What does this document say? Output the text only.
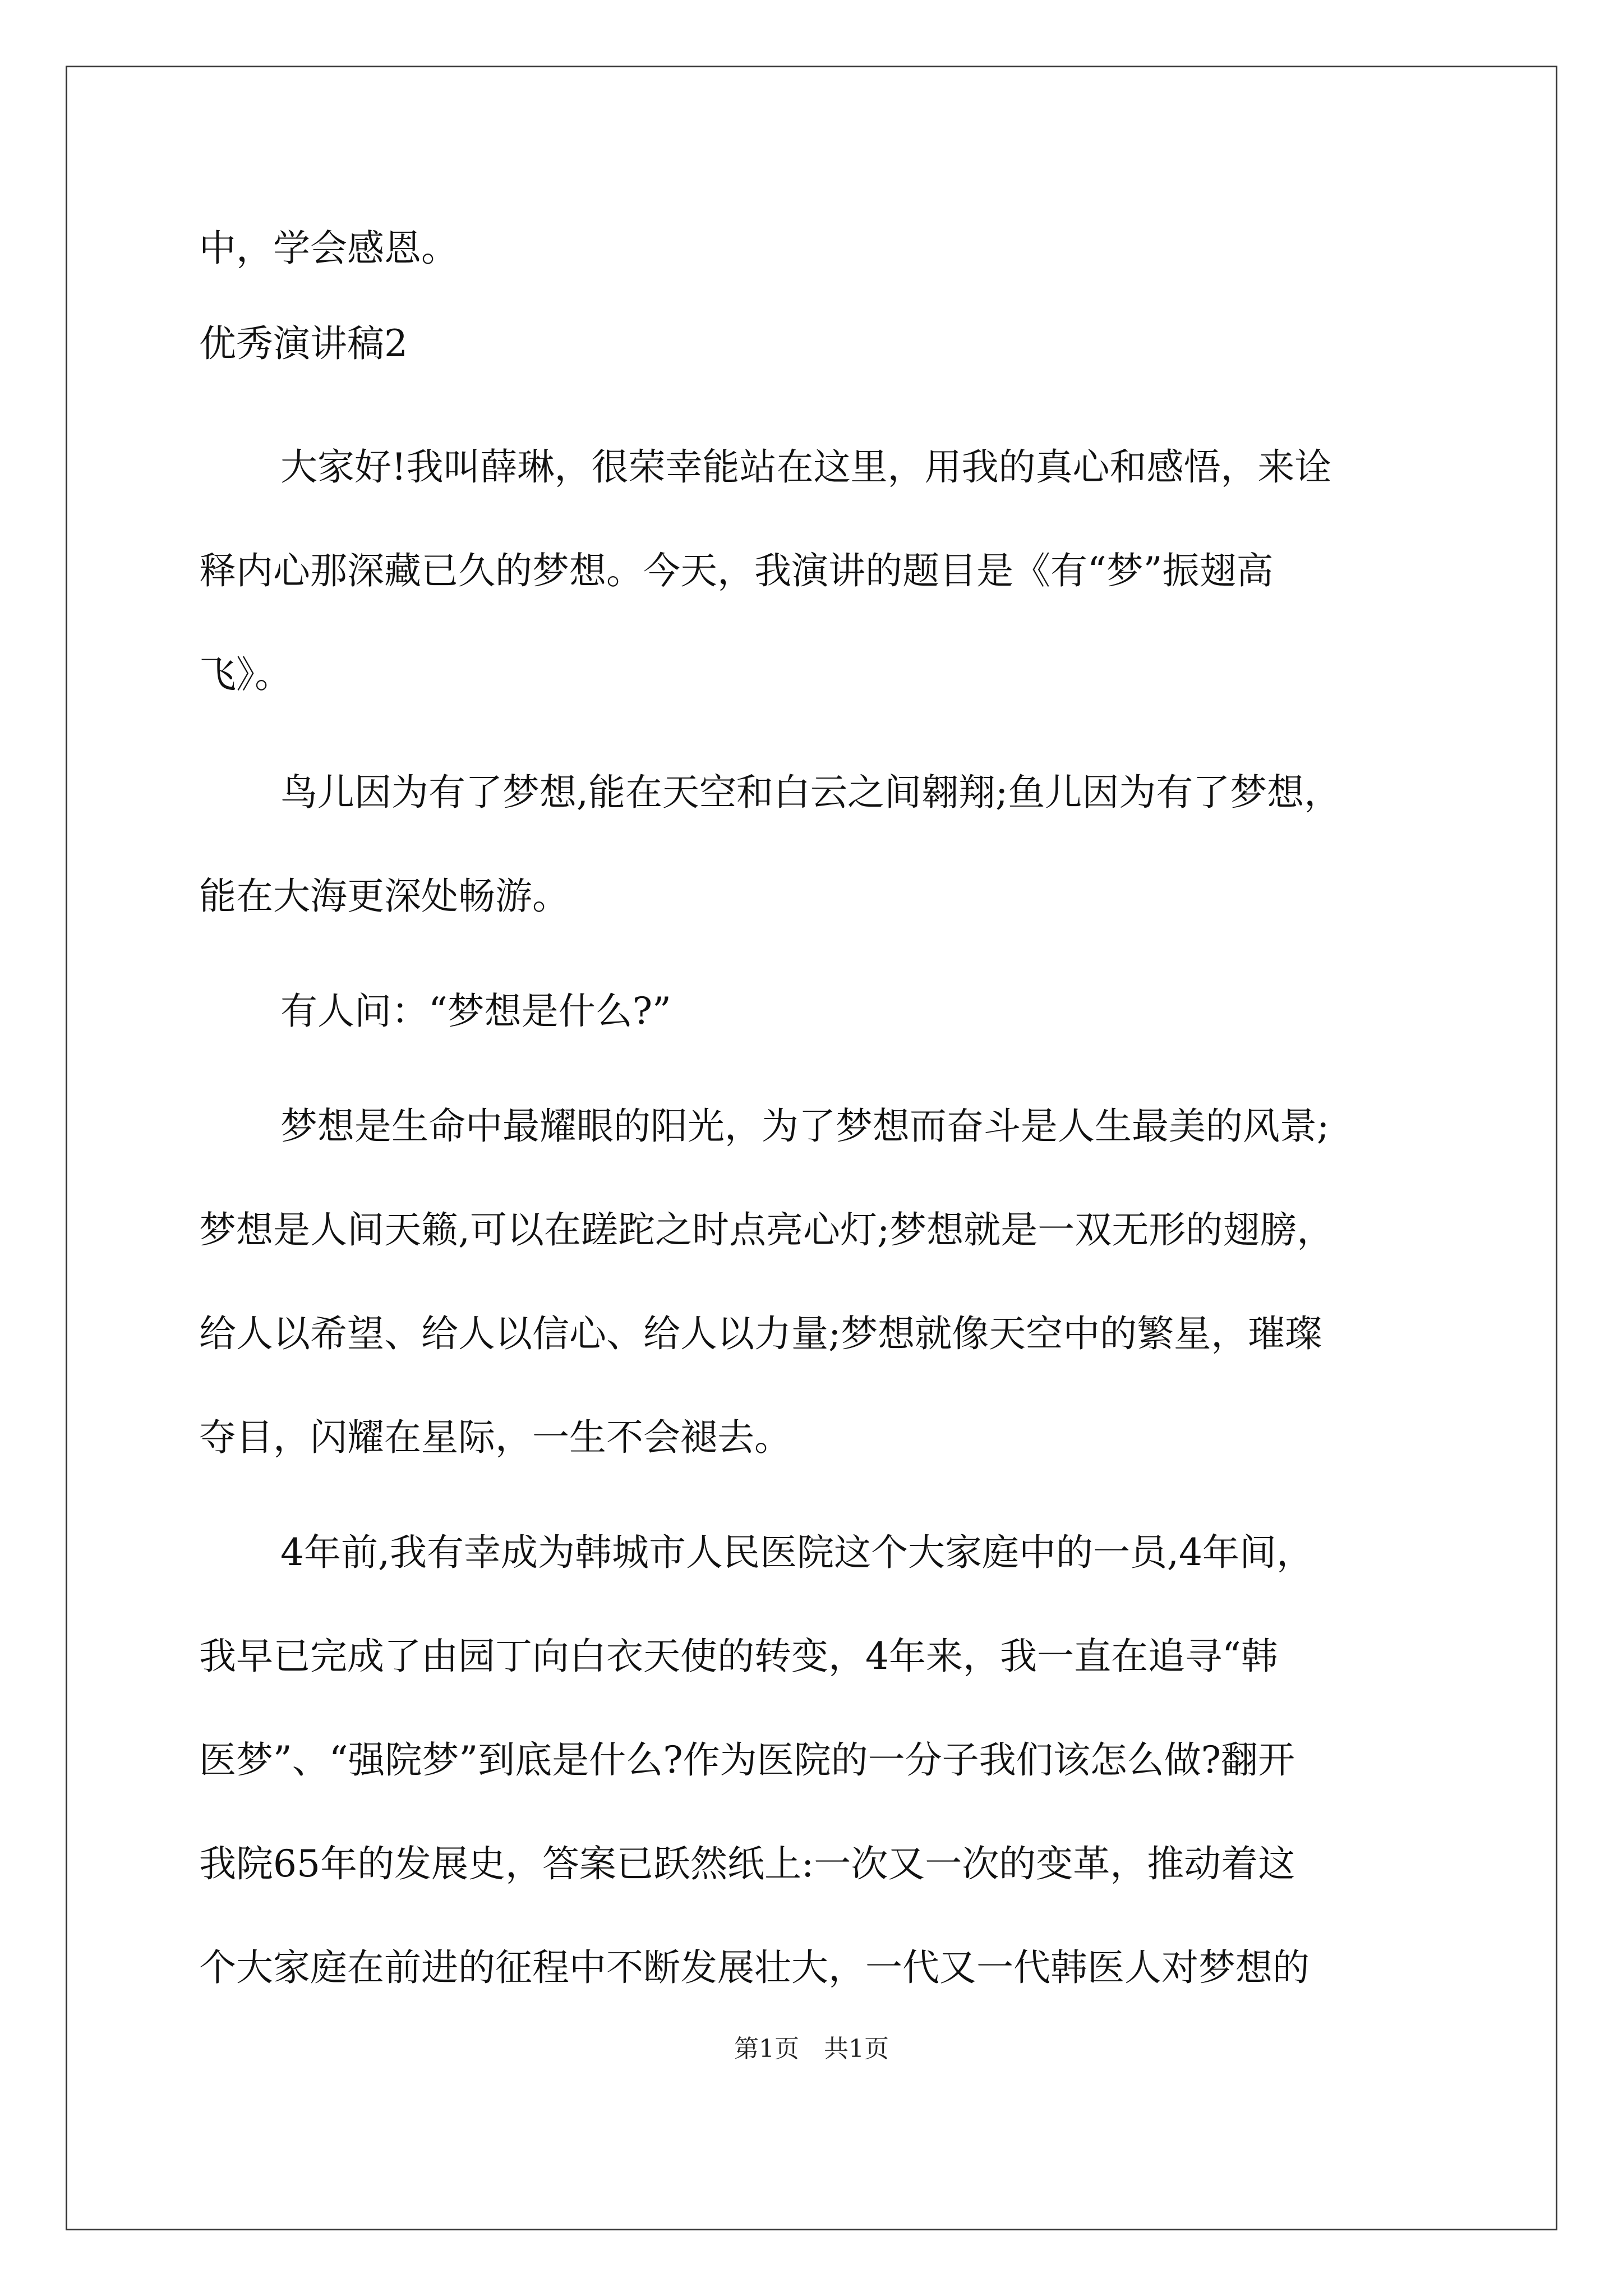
中，学会感恩。
优秀演讲稿2
大家好!我叫薛琳，很荣幸能站在这里，用我的真心和感悟，来诠
释内心那深藏已久的梦想。今天，我演讲的题目是《有“梦”振翅高
飞》。
鸟儿因为有了梦想,能在天空和白云之间翱翔;鱼儿因为有了梦想，
能在大海更深处畅游。
有人问：“梦想是什么?”
梦想是生命中最耀眼的阳光，为了梦想而奋斗是人生最美的风景;
梦想是人间天籁,可以在蹉跎之时点亮心灯;梦想就是一双无形的翅膀，
给人以希望、给人以信心、给人以力量;梦想就像天空中的繁星，璀璨
夺目，闪耀在星际，一生不会褪去。
4年前,我有幸成为韩城市人民医院这个大家庭中的一员,4年间，
我早已完成了由园丁向白衣天使的转变，4年来，我一直在追寻“韩
医梦”、“强院梦”到底是什么?作为医院的一分子我们该怎么做?翻开
我院65年的发展史，答案已跃然纸上:一次又一次的变革，推动着这
个大家庭在前进的征程中不断发展壮大，一代又一代韩医人对梦想的
第1页　共1页
